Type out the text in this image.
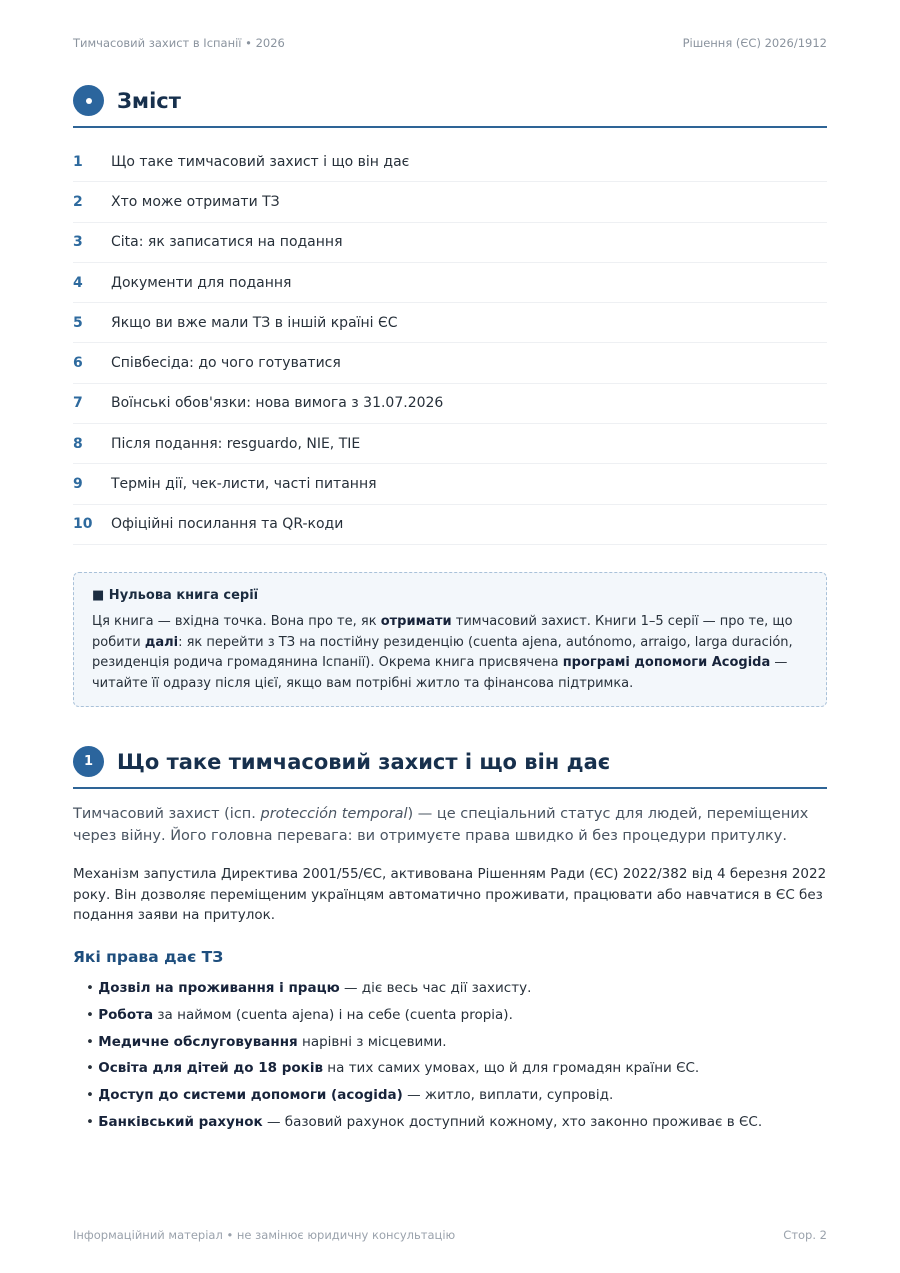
Тимчасовий захист в Іспанії • 2026	Рішення (ЄС) 2026/1912
Зміст
1	Що таке тимчасовий захист і що він дає
2	Хто може отримати ТЗ
3	Cita: як записатися на подання
4	Документи для подання
5	Якщо ви вже мали ТЗ в іншій країні ЄС
6	Співбесіда: до чого готуватися
7	Воїнські обов'язки: нова вимога з 31.07.2026
8	Після подання: resguardo, NIE, TIE
9	Термін дії, чек-листи, часті питання
10	Офіційні посилання та QR-коди
■ Нульова книга серії

Ця книга — вхідна точка. Вона про те, як отримати тимчасовий захист. Книги 1–5 серії — про те, що робити далі: як перейти з ТЗ на постійну резиденцію (cuenta ajena, autónomo, arraigo, larga duración, резиденція родича громадянина Іспанії). Окрема книга присвячена програмі допомоги Acogida — читайте її одразу після цієї, якщо вам потрібні житло та фінансова підтримка.

1	Що таке тимчасовий захист і що він дає

Тимчасовий захист (ісп. protección temporal) — це спеціальний статус для людей, переміщених через війну. Його головна перевага: ви отримуєте права швидко й без процедури притулку.

Механізм запустила Директива 2001/55/ЄС, активована Рішенням Ради (ЄС) 2022/382 від 4 березня 2022 року. Він дозволяє переміщеним українцям автоматично проживати, працювати або навчатися в ЄС без подання заяви на притулок.

Які права дає ТЗ
• Дозвіл на проживання і працю — діє весь час дії захисту.
• Робота за наймом (cuenta ajena) і на себе (cuenta propia).
• Медичне обслуговування нарівні з місцевими.
• Освіта для дітей до 18 років на тих самих умовах, що й для громадян країни ЄС.
• Доступ до системи допомоги (acogida) — житло, виплати, супровід.
• Банківський рахунок — базовий рахунок доступний кожному, хто законно проживає в ЄС.
Інформаційний матеріал • не замінює юридичну консультацію	Стор. 2
